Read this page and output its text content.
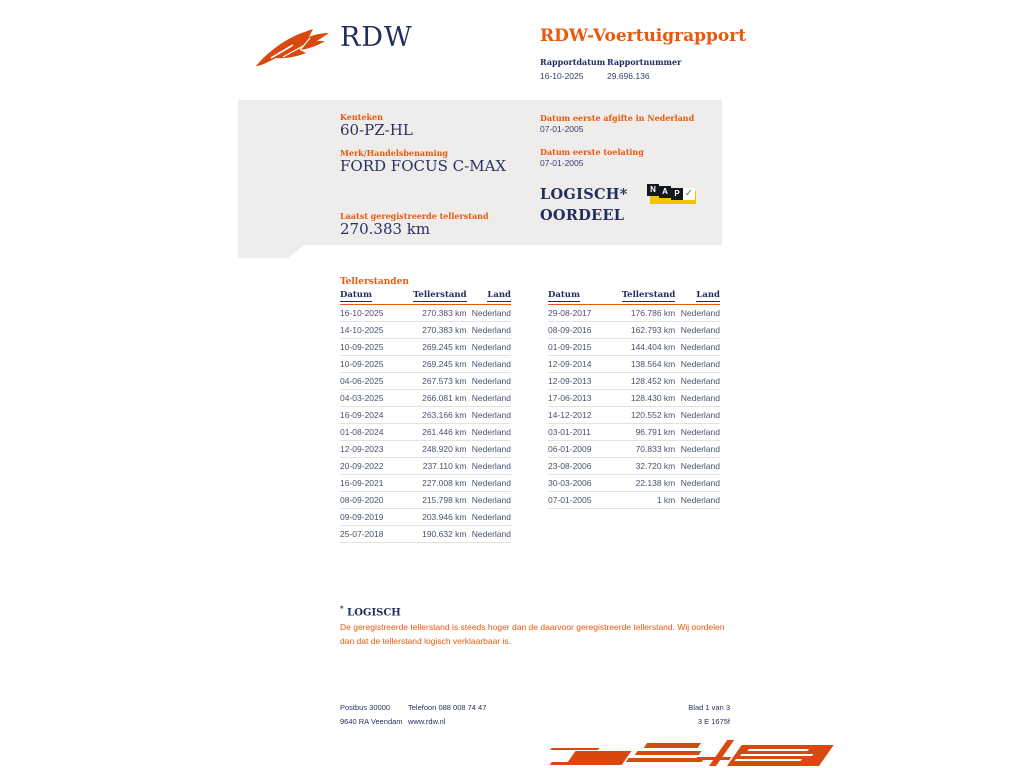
RDW	RDW-Voertuigrapport
Rapportdatum
16-10-2025
Rapportnummer
29.696.136
Kenteken
60-PZ-HL
Merk/Handelsbenaming
FORD FOCUS C-MAX
Laatst geregistreerde tellerstand
270.383 km
Datum eerste afgifte in Nederland
07-01-2005
Datum eerste toelating
07-01-2005
LOGISCH*
OORDEEL
N A P ✓
Tellerstanden
Datum	Tellerstand	Land
16-10-2025	270.383 km	Nederland
14-10-2025	270.383 km	Nederland
10-09-2025	269.245 km	Nederland
10-09-2025	269.245 km	Nederland
04-06-2025	267.573 km	Nederland
04-03-2025	266.081 km	Nederland
16-09-2024	263.166 km	Nederland
01-08-2024	261.446 km	Nederland
12-09-2023	248.920 km	Nederland
20-09-2022	237.110 km	Nederland
16-09-2021	227.008 km	Nederland
08-09-2020	215.798 km	Nederland
09-09-2019	203.946 km	Nederland
25-07-2018	190.632 km	Nederland
Datum	Tellerstand	Land
29-08-2017	176.786 km	Nederland
08-09-2016	162.793 km	Nederland
01-09-2015	144.404 km	Nederland
12-09-2014	138.564 km	Nederland
12-09-2013	128.452 km	Nederland
17-06-2013	128.430 km	Nederland
14-12-2012	120.552 km	Nederland
03-01-2011	96.791 km	Nederland
06-01-2009	70.833 km	Nederland
23-08-2006	32.720 km	Nederland
30-03-2006	22.138 km	Nederland
07-01-2005	1 km	Nederland
* LOGISCH
De geregistreerde tellerstand is steeds hoger dan de daarvoor geregistreerde tellerstand. Wij oordelen dan dat de tellerstand logisch verklaarbaar is.
Postbus 30000
9640 RA Veendam
Telefoon 088 008 74 47
www.rdw.nl
Blad 1 van 3
3 E 1675f
